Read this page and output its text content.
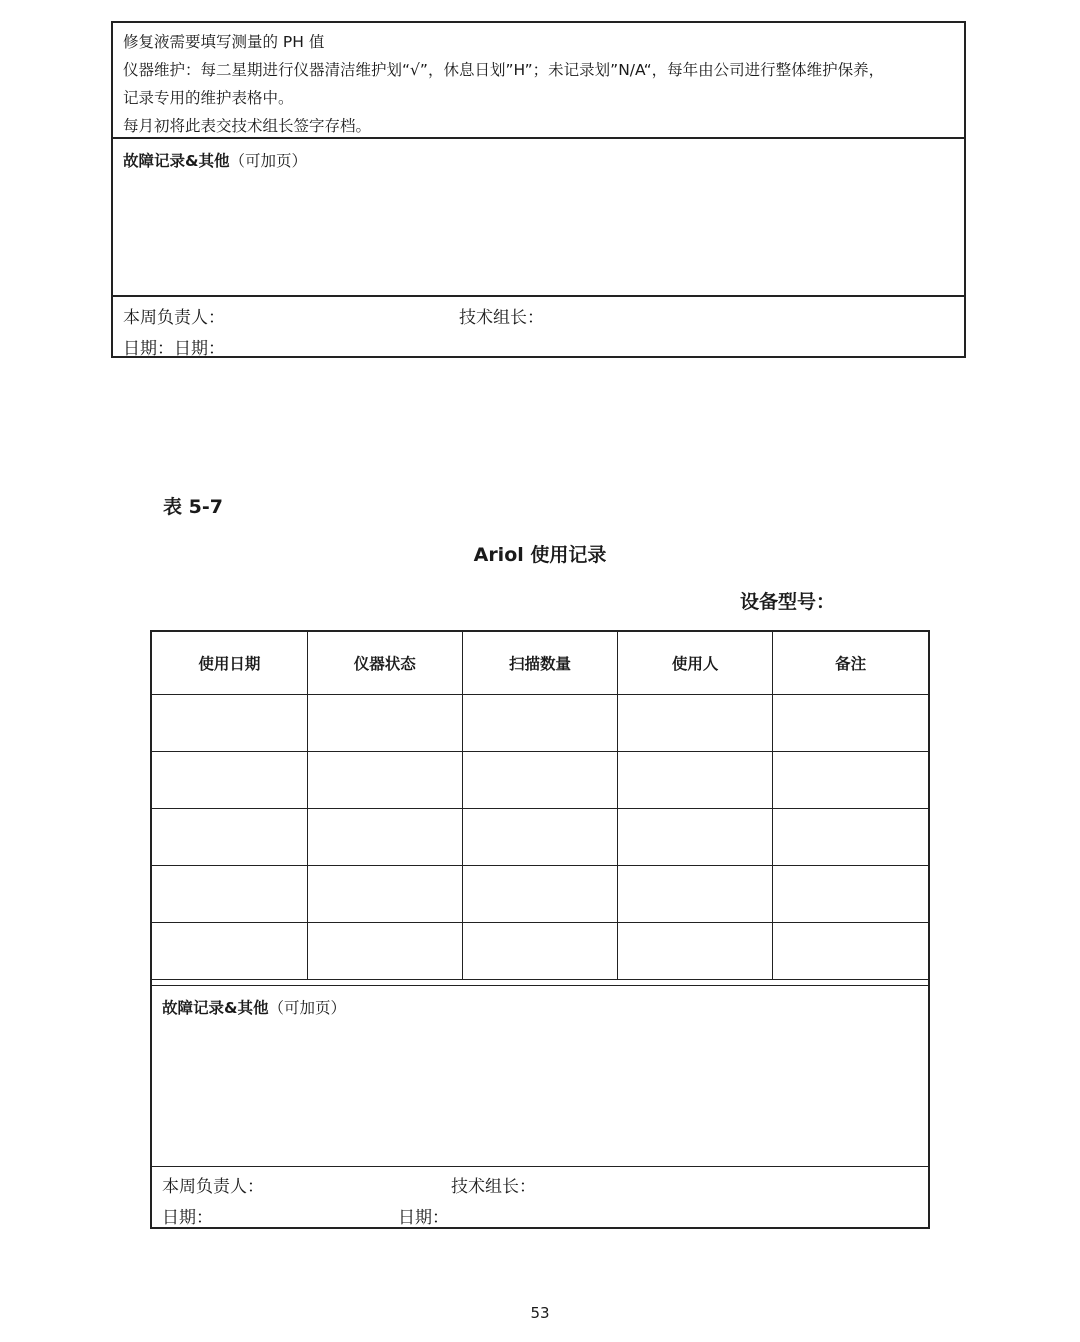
修复液需要填写测量的 PH 值
仪器维护：每二星期进行仪器清洁维护划“√”，休息日划”H”；未记录划”N/A“，每年由公司进行整体维护保养，
记录专用的维护表格中。
每月初将此表交技术组长签字存档。
故障记录&其他（可加页）
本周负责人：	技术组长：
日期：日期：
表 5-7
Ariol 使用记录
设备型号：
使用日期	仪器状态	扫描数量	使用人	备注

故障记录&其他（可加页）
本周负责人：	技术组长：
日期：	日期：
53
